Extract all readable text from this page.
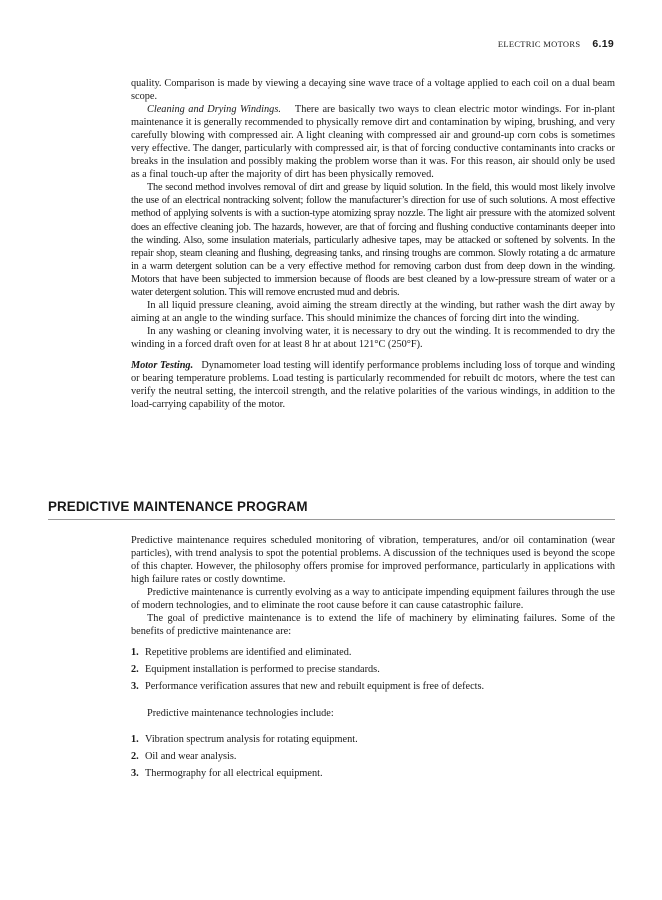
ELECTRIC MOTORS 6.19

quality. Comparison is made by viewing a decaying sine wave trace of a voltage applied to each coil on a dual beam scope.

Cleaning and Drying Windings. There are basically two ways to clean electric motor windings. For in-plant maintenance it is generally recommended to physically remove dirt and contamination by wiping, brushing, and very carefully blowing with compressed air. A light cleaning with compressed air and ground-up corn cobs is sometimes very effective. The danger, particularly with compressed air, is that of forcing conductive contaminants into cracks or breaks in the insulation and possibly making the problem worse than it was. For this reason, air should only be used as a final touch-up after the majority of dirt has been physically removed.

The second method involves removal of dirt and grease by liquid solution. In the field, this would most likely involve the use of an electrical nontracking solvent; follow the manufacturer’s direction for use of such solutions. A most effective method of applying solvents is with a suction-type atomizing spray nozzle. The light air pressure with the atomized solvent does an effective cleaning job. The hazards, however, are that of forcing and flushing conductive contaminants deeper into the winding. Also, some insulation materials, particularly adhesive tapes, may be attacked or softened by solvents. In the repair shop, steam cleaning and flushing, degreasing tanks, and rinsing troughs are common. Slowly rotating a dc armature in a warm detergent solution can be a very effective method for removing carbon dust from deep down in the winding. Motors that have been subjected to immersion because of floods are best cleaned by a low-pressure stream of water or a water detergent solution. This will remove encrusted mud and debris.

In all liquid pressure cleaning, avoid aiming the stream directly at the winding, but rather wash the dirt away by aiming at an angle to the winding surface. This should minimize the chances of forcing dirt into the winding.

In any washing or cleaning involving water, it is necessary to dry out the winding. It is recommended to dry the winding in a forced draft oven for at least 8 hr at about 121°C (250°F).

Motor Testing. Dynamometer load testing will identify performance problems including loss of torque and winding or bearing temperature problems. Load testing is particularly recommended for rebuilt dc motors, where the test can verify the neutral setting, the intercoil strength, and the relative polarities of the various windings, in addition to the load-carrying capability of the motor.

PREDICTIVE MAINTENANCE PROGRAM

Predictive maintenance requires scheduled monitoring of vibration, temperatures, and/or oil contamination (wear particles), with trend analysis to spot the potential problems. A discussion of the techniques used is beyond the scope of this chapter. However, the philosophy offers promise for improved performance, particularly in applications with high failure rates or costly downtime.

Predictive maintenance is currently evolving as a way to anticipate impending equipment failures through the use of modern technologies, and to eliminate the root cause before it can cause catastrophic failure.

The goal of predictive maintenance is to extend the life of machinery by eliminating failures. Some of the benefits of predictive maintenance are:

1. Repetitive problems are identified and eliminated.
2. Equipment installation is performed to precise standards.
3. Performance verification assures that new and rebuilt equipment is free of defects.

Predictive maintenance technologies include:

1. Vibration spectrum analysis for rotating equipment.
2. Oil and wear analysis.
3. Thermography for all electrical equipment.
